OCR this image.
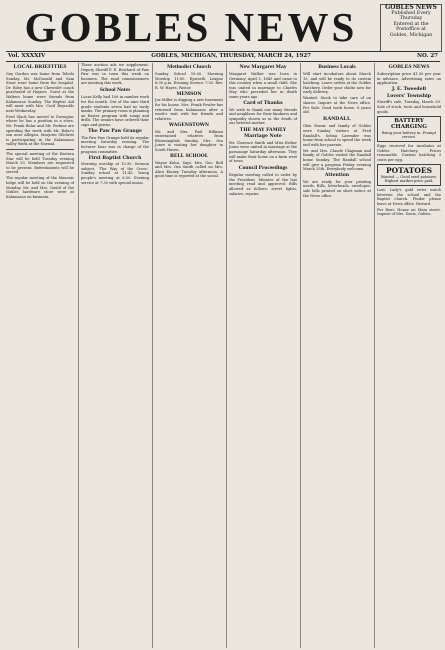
GOBLES NEWS	GOBLES NEWS
Published Every Thursday
Entered at the Postoffice at
Gobles, Michigan
Vol. XXXXIV	GOBLES, MICHIGAN, THURSDAY, MARCH 24, 1927	NO. 27
LOCAL BRIEFITIES

Guy Gordon was home from Toledo Sunday. Mr. McDonald and Sam Stout were home from the hospital. Dr. Riley has a new Chevrolet coach purchased of Haynes. Guest at the Walters home were friends from Kalamazoo Sunday. The Baptist Aid will meet with Mrs. Cecil Reynolds next Wednesday.

Fred Slack has moved to Dowagiac where he has a position in a store. Mr. Frank Bolar and Mr. Perkins are spending the week with Mr. Bolar's son near Allegan. Marjorie Gilchrist is participating in the Kalamazoo valley Week at the Normal.

The special meeting of the Eastern Star will be held Tuesday evening March 29. Members are requested to be present. Refreshments will be served.

The regular meeting of the Masonic lodge will be held on the evening of Monday. Mr. and Mrs. Gould of the Gobles hardware store were at Kalamazoo on business.

These auction ads we supplement. Deputy Sheriff F. E. Reichard of Paw Paw was in town this week on business. The road commissioners are meeting this week.

School Notes

Lucas Kelly had 100 in number work for the month. Out of the nine third grade students seven had no tardy marks. The primary room is planning an Easter program with songs and drills. The seniors have ordered their caps and gowns.

The Paw Paw Grange

The Paw Paw Grange held its regular meeting Saturday evening. The lecturer hour was in charge of the program committee.

First Baptist Church

Morning worship at 10:30. Sermon subject, 'The Way of the Cross'. Sunday school at 11:45. Young people's meeting at 6:30. Evening service at 7:30 with special music.

Methodist Church

Sunday School 10:00. Morning Worship 11:00. Epworth League 6:30 p.m. Evening Service 7:30. Rev. R. W. Hayes, Pastor.

MEMSON

Joe Miller is digging a new basement for his house. Mrs. Frank Fowler has returned from Kalamazoo after a week's visit with her friends and relatives.

WAGENSTOWN

Mr. and Mrs. Paul Hillman entertained relatives from Bloomingdale Sunday. Mrs. Ora Jones is visiting her daughter in South Haven.

BELL SCHOOL

Wayne Kuhn, Supt. Mrs. Geo. Bell and Mrs. Ora Smith called on Mrs. Alice Kinney Tuesday afternoon. A good time is reported at the social.

New Margaret May

Margaret Walker was born in Germany, April 3, 1845 and came to this country when a small child. She was united in marriage to Charles May who preceded her in death some years ago.

Card of Thanks

We wish to thank our many friends and neighbors for their kindness and sympathy shown us in the death of our beloved mother.

THE MAY FAMILY
Marriage Note

Mr. Clarence Smith and Miss Esther Jones were united in marriage at the parsonage Saturday afternoon. They will make their home on a farm west of town.

Council Proceedings

Regular meeting called to order by the President. Minutes of the last meeting read and approved. Bills allowed as follows: street lights, salaries, repairs.

Business Locals

Will start incubators about March 15, and will be ready to do custom hatching. Leave orders at the Gobles Hatchery. Order your chicks now for early delivery.

Wanted: Stock to take care of on shares. Inquire at the News office. For Sale: Good work horse, 8 years old.

RANDALL

Glen Farrar and family of Gobles were Sunday visitors at Fred Randall's. Selma Lavender was home from school to spend the week end with her parents.

Mr. and Mrs. Claude Chapman and family of Gobles visited the Randall home Sunday. The Randall school will give a program Friday evening March 25th. Everybody welcome.

Attention

We are ready for your printing needs. Bills, letterheads, envelopes, sale bills printed on short notice at the News office.

GOBLES NEWS

Subscription price $1.50 per year in advance. Advertising rates on application.

J. E. Tweedell
Lovers' Township

Sheriff's sale, Tuesday, March 29. Sale of stock, tools and household goods.

BATTERY CHARGING
Bring your battery in. Prompt service.

Eggs received for incubator at Gobles Hatchery. Prices reasonable. Custom hatching 3 cents per egg.

POTATOES
Wanted — Good seed potatoes. Highest market price paid.

Lost: Lady's gold wrist watch between the school and the Baptist church. Finder please leave at News office. Reward.

For Rent: House on Main street. Inquire of Mrs. Davis, Gobles.
